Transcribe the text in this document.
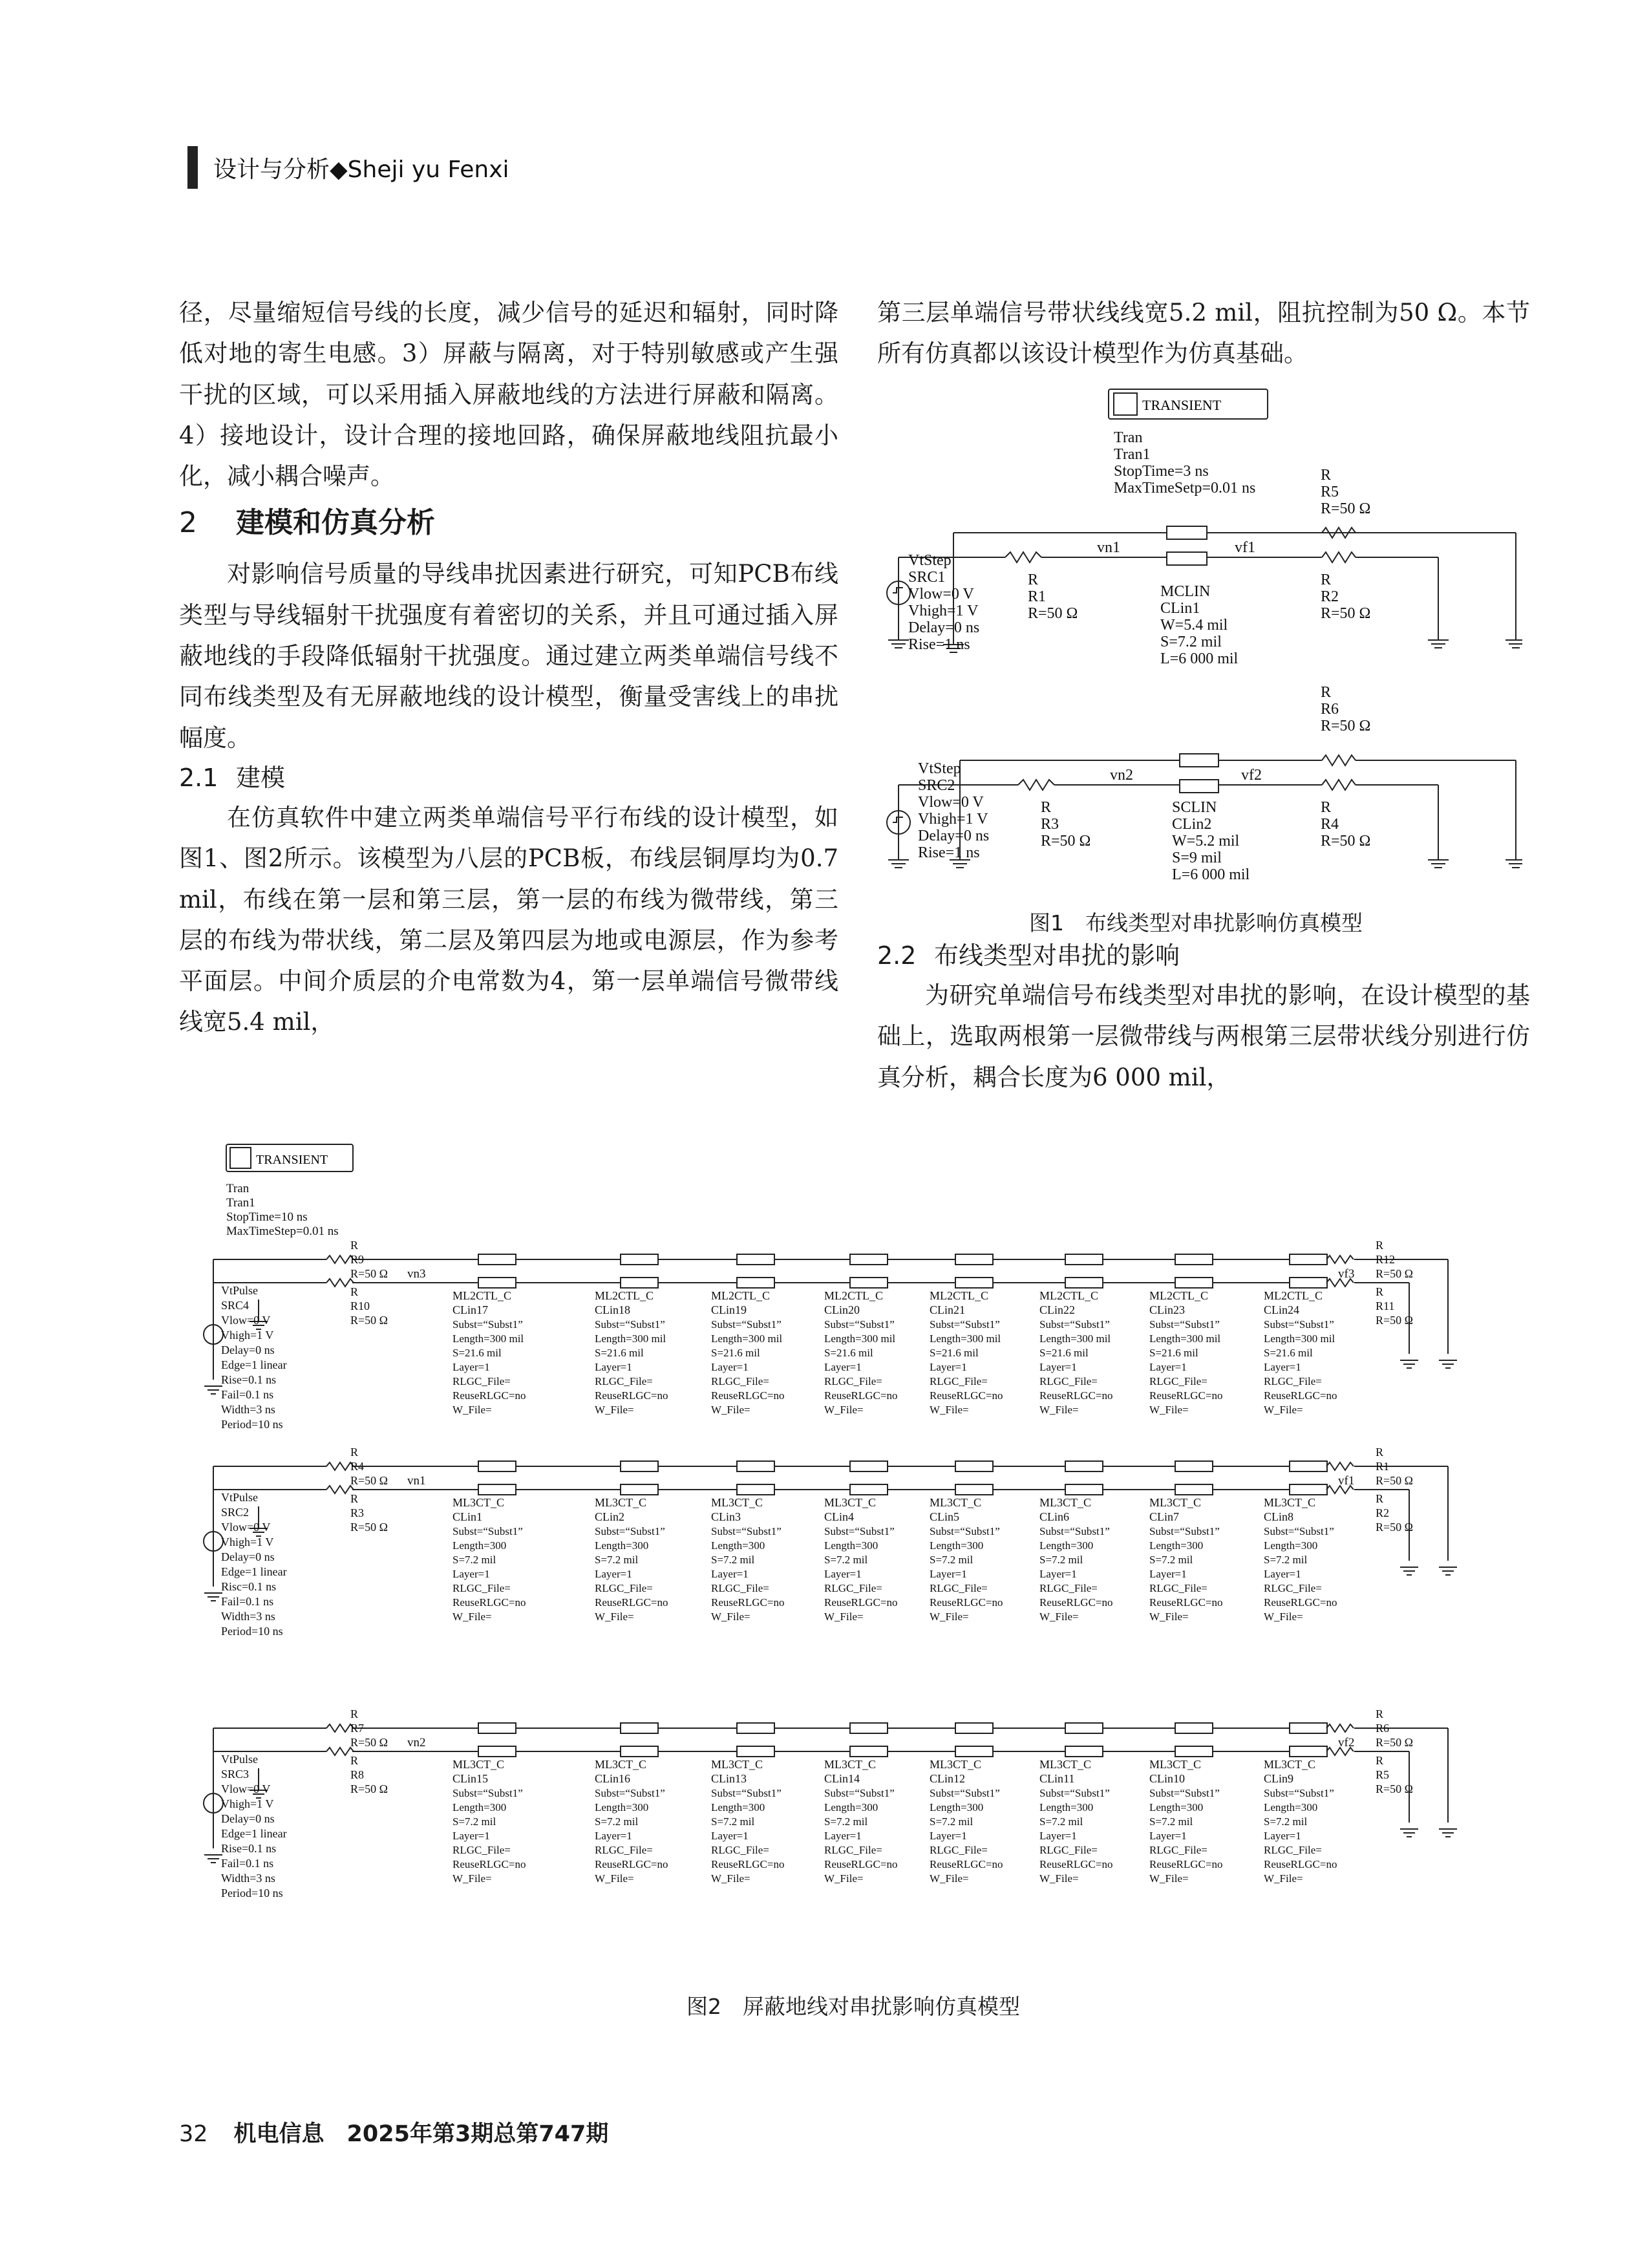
设计与分析◆Sheji yu Fenxi

径，尽量缩短信号线的长度，减少信号的延迟和辐射，同时降低对地的寄生电感。3）屏蔽与隔离，对于特别敏感或产生强干扰的区域，可以采用插入屏蔽地线的方法进行屏蔽和隔离。4）接地设计，设计合理的接地回路，确保屏蔽地线阻抗最小化，减小耦合噪声。

2 建模和仿真分析

对影响信号质量的导线串扰因素进行研究，可知PCB布线类型与导线辐射干扰强度有着密切的关系，并且可通过插入屏蔽地线的手段降低辐射干扰强度。通过建立两类单端信号线不同布线类型及有无屏蔽地线的设计模型，衡量受害线上的串扰幅度。

2.1 建模

在仿真软件中建立两类单端信号平行布线的设计模型，如图1、图2所示。该模型为八层的PCB板，布线层铜厚均为0.7 mil，布线在第一层和第三层，第一层的布线为微带线，第三层的布线为带状线，第二层及第四层为地或电源层，作为参考平面层。中间介质层的介电常数为4，第一层单端信号微带线线宽5.4 mil，

第三层单端信号带状线线宽5.2 mil，阻抗控制为50 Ω。本节所有仿真都以该设计模型作为仿真基础。

TRANSIENT
Tran
Tran1
StopTime=3 ns
MaxTimeSetp=0.01 ns
R
R5
R=50 Ω
VtStep
SRC1
Vlow=0 V
Vhigh=1 V
Delay=0 ns
Rise=1 ns
vn1	vf1
R
R1
R=50 Ω
MCLIN
CLin1
W=5.4 mil
S=7.2 mil
L=6 000 mil
R
R2
R=50 Ω
R
R6
R=50 Ω
VtStep
SRC2
Vlow=0 V
Vhigh=1 V
Delay=0 ns
Rise=1 ns
vn2	vf2
R
R3
R=50 Ω
SCLIN
CLin2
W=5.2 mil
S=9 mil
L=6 000 mil
R
R4
R=50 Ω
图1　布线类型对串扰影响仿真模型
2.2 布线类型对串扰的影响

为研究单端信号布线类型对串扰的影响，在设计模型的基础上，选取两根第一层微带线与两根第三层带状线分别进行仿真分析，耦合长度为6 000 mil，

TRANSIENT
Tran
Tran1
StopTime=10 ns
MaxTimeStep=0.01 ns
VtPulse
SRC4
Vlow=0 V
Vhigh=1 V
Delay=0 ns
Edge=1 linear
Rise=0.1 ns
Fail=0.1 ns
Width=3 ns
Period=10 ns
R
R9
R=50 Ω
R
R10
R=50 Ω
R
R12
R=50 Ω
R
R11
R=50 Ω
vn3	vf3
ML2CTL_C
CLin17
Subst=“Subst1”
Length=300 mil
S=21.6 mil
Layer=1
RLGC_File=
ReuseRLGC=no
W_File=
ML2CTL_C
CLin18
Subst=“Subst1”
Length=300 mil
S=21.6 mil
Layer=1
RLGC_File=
ReuseRLGC=no
W_File=
ML2CTL_C
CLin19
Subst=“Subst1”
Length=300 mil
S=21.6 mil
Layer=1
RLGC_File=
ReuseRLGC=no
W_File=
ML2CTL_C
CLin20
Subst=“Subst1”
Length=300 mil
S=21.6 mil
Layer=1
RLGC_File=
ReuseRLGC=no
W_File=
ML2CTL_C
CLin21
Subst=“Subst1”
Length=300 mil
S=21.6 mil
Layer=1
RLGC_File=
ReuseRLGC=no
W_File=
ML2CTL_C
CLin22
Subst=“Subst1”
Length=300 mil
S=21.6 mil
Layer=1
RLGC_File=
ReuseRLGC=no
W_File=
ML2CTL_C
CLin23
Subst=“Subst1”
Length=300 mil
S=21.6 mil
Layer=1
RLGC_File=
ReuseRLGC=no
W_File=
ML2CTL_C
CLin24
Subst=“Subst1”
Length=300 mil
S=21.6 mil
Layer=1
RLGC_File=
ReuseRLGC=no
W_File=
VtPulse
SRC2
Vlow=0 V
Vhigh=1 V
Delay=0 ns
Edge=1 linear
Risc=0.1 ns
Fail=0.1 ns
Width=3 ns
Period=10 ns
R
R4
R=50 Ω
R
R3
R=50 Ω
R
R1
R=50 Ω
R
R2
R=50 Ω
vn1	vf1
ML3CT_C
CLin1
Subst=“Subst1”
Length=300
S=7.2 mil
Layer=1
RLGC_File=
ReuseRLGC=no
W_File=
ML3CT_C
CLin2
Subst=“Subst1”
Length=300
S=7.2 mil
Layer=1
RLGC_File=
ReuseRLGC=no
W_File=
ML3CT_C
CLin3
Subst=“Subst1”
Length=300
S=7.2 mil
Layer=1
RLGC_File=
ReuseRLGC=no
W_File=
ML3CT_C
CLin4
Subst=“Subst1”
Length=300
S=7.2 mil
Layer=1
RLGC_File=
ReuseRLGC=no
W_File=
ML3CT_C
CLin5
Subst=“Subst1”
Length=300
S=7.2 mil
Layer=1
RLGC_File=
ReuseRLGC=no
W_File=
ML3CT_C
CLin6
Subst=“Subst1”
Length=300
S=7.2 mil
Layer=1
RLGC_File=
ReuseRLGC=no
W_File=
ML3CT_C
CLin7
Subst=“Subst1”
Length=300
S=7.2 mil
Layer=1
RLGC_File=
ReuseRLGC=no
W_File=
ML3CT_C
CLin8
Subst=“Subst1”
Length=300
S=7.2 mil
Layer=1
RLGC_File=
ReuseRLGC=no
W_File=
VtPulse
SRC3
Vlow=0 V
Vhigh=1 V
Delay=0 ns
Edge=1 linear
Rise=0.1 ns
Fail=0.1 ns
Width=3 ns
Period=10 ns
R
R7
R=50 Ω
R
R8
R=50 Ω
R
R6
R=50 Ω
R
R5
R=50 Ω
vn2	vf2
ML3CT_C
CLin15
Subst=“Subst1”
Length=300
S=7.2 mil
Layer=1
RLGC_File=
ReuseRLGC=no
W_File=
ML3CT_C
CLin16
Subst=“Subst1”
Length=300
S=7.2 mil
Layer=1
RLGC_File=
ReuseRLGC=no
W_File=
ML3CT_C
CLin13
Subst=“Subst1”
Length=300
S=7.2 mil
Layer=1
RLGC_File=
ReuseRLGC=no
W_File=
ML3CT_C
CLin14
Subst=“Subst1”
Length=300
S=7.2 mil
Layer=1
RLGC_File=
ReuseRLGC=no
W_File=
ML3CT_C
CLin12
Subst=“Subst1”
Length=300
S=7.2 mil
Layer=1
RLGC_File=
ReuseRLGC=no
W_File=
ML3CT_C
CLin11
Subst=“Subst1”
Length=300
S=7.2 mil
Layer=1
RLGC_File=
ReuseRLGC=no
W_File=
ML3CT_C
CLin10
Subst=“Subst1”
Length=300
S=7.2 mil
Layer=1
RLGC_File=
ReuseRLGC=no
W_File=
ML3CT_C
CLin9
Subst=“Subst1”
Length=300
S=7.2 mil
Layer=1
RLGC_File=
ReuseRLGC=no
W_File=
图2　屏蔽地线对串扰影响仿真模型
32 机电信息　2025年第3期总第747期
